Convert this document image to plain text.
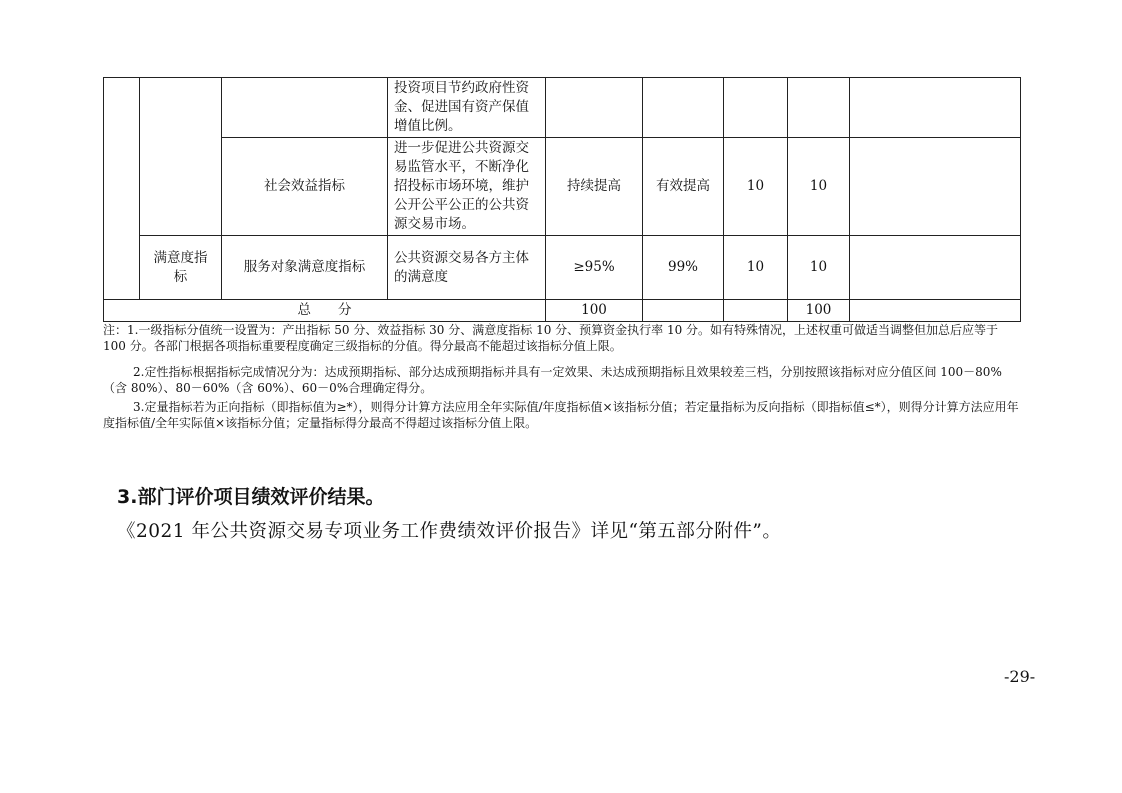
			投资项目节约政府性资金、促进国有资产保值增值比例。					
		社会效益指标	进一步促进公共资源交易监管水平，不断净化招投标市场环境，维护公开公平公正的公共资源交易市场。	持续提高	有效提高	10	10	
	满意度指标	服务对象满意度指标	公共资源交易各方主体的满意度	≥95%	99%	10	10	
总　　分				100			100	

注：1.一级指标分值统一设置为：产出指标 50 分、效益指标 30 分、满意度指标 10 分、预算资金执行率 10 分。如有特殊情况，上述权重可做适当调整但加总后应等于 100 分。各部门根据各项指标重要程度确定三级指标的分值。得分最高不能超过该指标分值上限。

2.定性指标根据指标完成情况分为：达成预期指标、部分达成预期指标并具有一定效果、未达成预期指标且效果较差三档，分别按照该指标对应分值区间 100－80%（含 80%）、80－60%（含 60%）、60－0%合理确定得分。

3.定量指标若为正向指标（即指标值为≥*），则得分计算方法应用全年实际值/年度指标值×该指标分值；若定量指标为反向指标（即指标值≤*），则得分计算方法应用年度指标值/全年实际值×该指标分值；定量指标得分最高不得超过该指标分值上限。

3.部门评价项目绩效评价结果。

《2021 年公共资源交易专项业务工作费绩效评价报告》详见“第五部分附件”。

-29-
